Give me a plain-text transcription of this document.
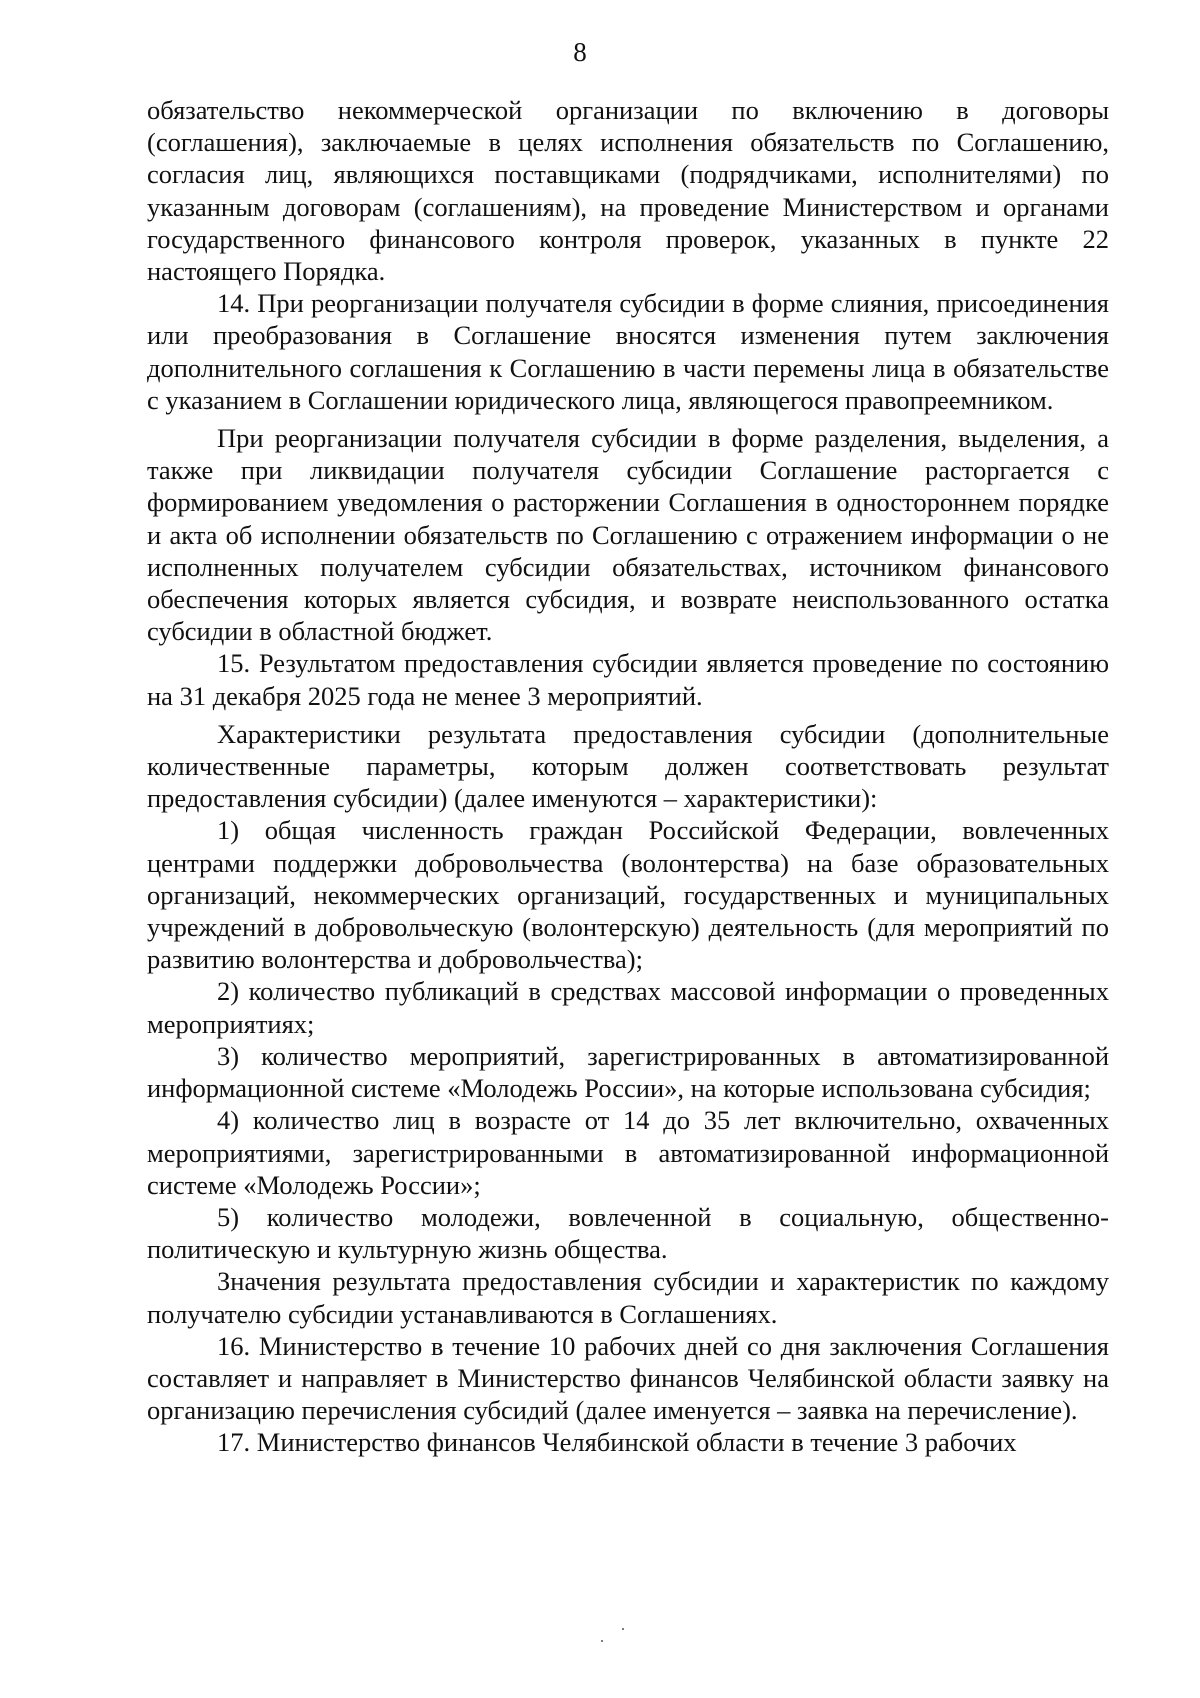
8

обязательство некоммерческой организации по включению в договоры (соглашения), заключаемые в целях исполнения обязательств по Соглашению, согласия лиц, являющихся поставщиками (подрядчиками, исполнителями) по указанным договорам (соглашениям), на проведение Министерством и органами государственного финансового контроля проверок, указанных в пункте 22 настоящего Порядка.

14. При реорганизации получателя субсидии в форме слияния, присоединения или преобразования в Соглашение вносятся изменения путем заключения дополнительного соглашения к Соглашению в части перемены лица в обязательстве с указанием в Соглашении юридического лица, являющегося правопреемником.

При реорганизации получателя субсидии в форме разделения, выделения, а также при ликвидации получателя субсидии Соглашение расторгается с формированием уведомления о расторжении Соглашения в одностороннем порядке и акта об исполнении обязательств по Соглашению с отражением информации о не исполненных получателем субсидии обязательствах, источником финансового обеспечения которых является субсидия, и возврате неиспользованного остатка субсидии в областной бюджет.

15. Результатом предоставления субсидии является проведение по состоянию на 31 декабря 2025 года не менее 3 мероприятий.

Характеристики результата предоставления субсидии (дополнительные количественные параметры, которым должен соответствовать результат предоставления субсидии) (далее именуются – характеристики):

1) общая численность граждан Российской Федерации, вовлеченных центрами поддержки добровольчества (волонтерства) на базе образовательных организаций, некоммерческих организаций, государственных и муниципальных учреждений в добровольческую (волонтерскую) деятельность (для мероприятий по развитию волонтерства и добровольчества);

2) количество публикаций в средствах массовой информации о проведенных мероприятиях;

3) количество мероприятий, зарегистрированных в автоматизированной информационной системе «Молодежь России», на которые использована субсидия;

4) количество лиц в возрасте от 14 до 35 лет включительно, охваченных мероприятиями, зарегистрированными в автоматизированной информационной системе «Молодежь России»;

5) количество молодежи, вовлеченной в социальную, общественно-политическую и культурную жизнь общества.

Значения результата предоставления субсидии и характеристик по каждому получателю субсидии устанавливаются в Соглашениях.

16. Министерство в течение 10 рабочих дней со дня заключения Соглашения составляет и направляет в Министерство финансов Челябинской области заявку на организацию перечисления субсидий (далее именуется – заявка на перечисление).

17. Министерство финансов Челябинской области в течение 3 рабочих
